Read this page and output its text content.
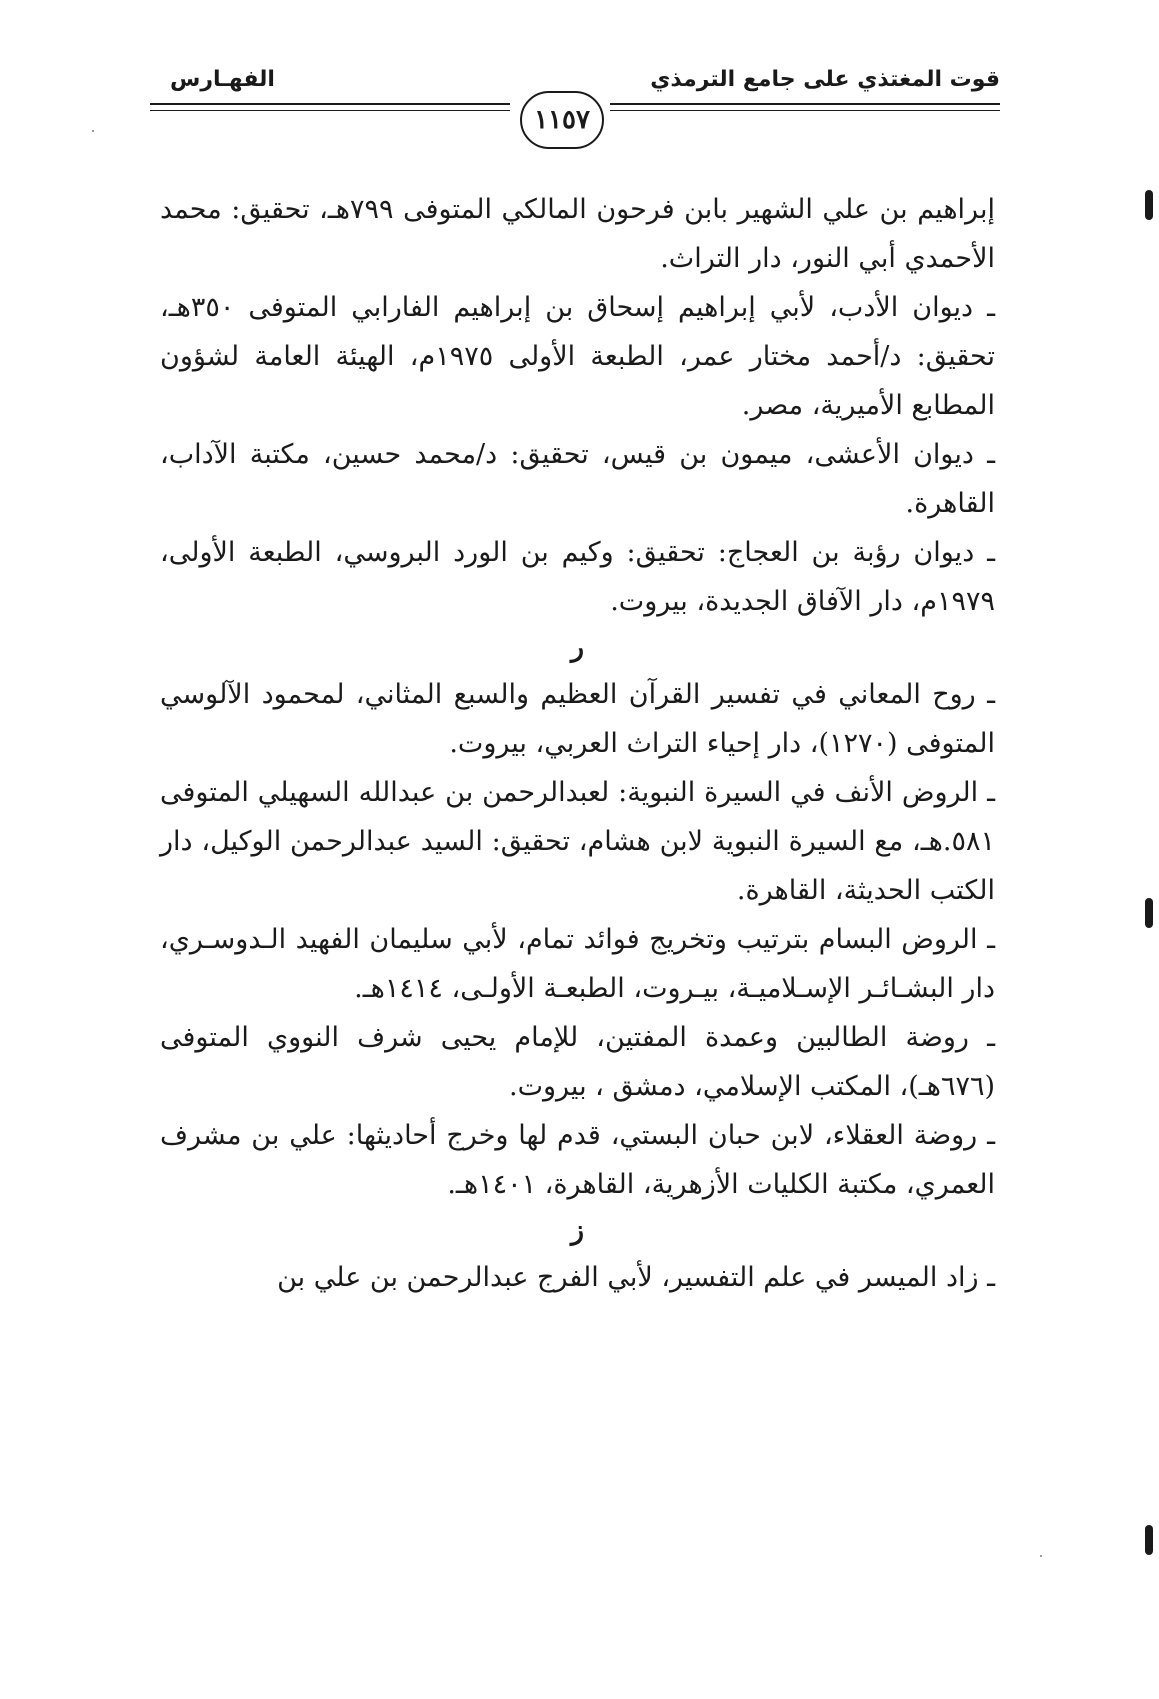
قوت المغتذي على جامع الترمذي
الفهـارس
١١٥٧

إبراهيم بن علي الشهير بابن فرحون المالكي المتوفى ٧٩٩هـ، تحقيق: محمد الأحمدي أبي النور، دار التراث.

ـ ديوان الأدب، لأبي إبراهيم إسحاق بن إبراهيم الفارابي المتوفى ٣٥٠هـ، تحقيق: د/أحمد مختار عمر، الطبعة الأولى ١٩٧٥م، الهيئة العامة لشؤون المطابع الأميرية، مصر.

ـ ديوان الأعشى، ميمون بن قيس، تحقيق: د/محمد حسين، مكتبة الآداب، القاهرة.

ـ ديوان رؤبة بن العجاج: تحقيق: وكيم بن الورد البروسي، الطبعة الأولى، ١٩٧٩م، دار الآفاق الجديدة، بيروت.

ر

ـ روح المعاني في تفسير القرآن العظيم والسبع المثاني، لمحمود الآلوسي المتوفى (١٢٧٠)، دار إحياء التراث العربي، بيروت.

ـ الروض الأنف في السيرة النبوية: لعبدالرحمن بن عبدالله السهيلي المتوفى ٥٨١.هـ، مع السيرة النبوية لابن هشام، تحقيق: السيد عبدالرحمن الوكيل، دار الكتب الحديثة، القاهرة.

ـ الروض البسام بترتيب وتخريج فوائد تمام، لأبي سليمان الفهيد الـدوسـري، دار البشـائـر الإسـلاميـة، بيـروت، الطبعـة الأولـى، ١٤١٤هـ.

ـ روضة الطالبين وعمدة المفتين، للإمام يحيى شرف النووي المتوفى (٦٧٦هـ)، المكتب الإسلامي، دمشق ، بيروت.

ـ روضة العقلاء، لابن حبان البستي، قدم لها وخرج أحاديثها: علي بن مشرف العمري، مكتبة الكليات الأزهرية، القاهرة، ١٤٠١هـ.

ز

ـ زاد الميسر في علم التفسير، لأبي الفرج عبدالرحمن بن علي بن
